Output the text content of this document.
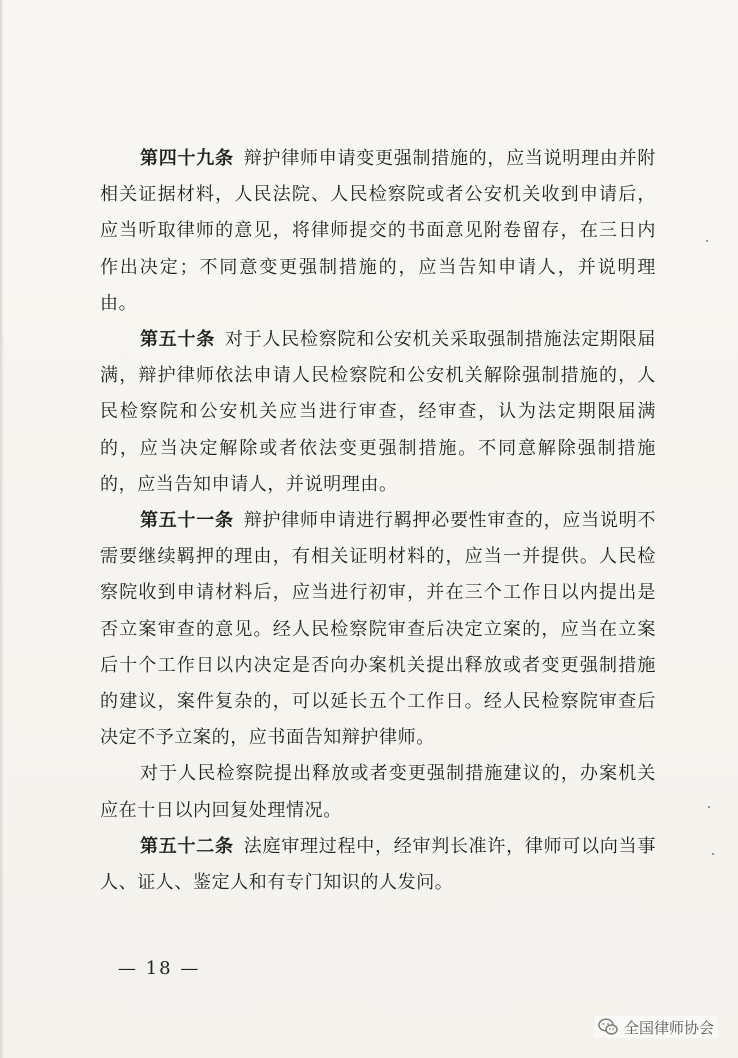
第四十九条 辩护律师申请变更强制措施的，应当说明理由并附相关证据材料，人民法院、人民检察院或者公安机关收到申请后，应当听取律师的意见，将律师提交的书面意见附卷留存，在三日内作出决定；不同意变更强制措施的，应当告知申请人，并说明理由。

第五十条 对于人民检察院和公安机关采取强制措施法定期限届满，辩护律师依法申请人民检察院和公安机关解除强制措施的，人民检察院和公安机关应当进行审查，经审查，认为法定期限届满的，应当决定解除或者依法变更强制措施。不同意解除强制措施的，应当告知申请人，并说明理由。

第五十一条 辩护律师申请进行羁押必要性审查的，应当说明不需要继续羁押的理由，有相关证明材料的，应当一并提供。人民检察院收到申请材料后，应当进行初审，并在三个工作日以内提出是否立案审查的意见。经人民检察院审查后决定立案的，应当在立案后十个工作日以内决定是否向办案机关提出释放或者变更强制措施的建议，案件复杂的，可以延长五个工作日。经人民检察院审查后决定不予立案的，应书面告知辩护律师。

对于人民检察院提出释放或者变更强制措施建议的，办案机关应在十日以内回复处理情况。

第五十二条 法庭审理过程中，经审判长准许，律师可以向当事人、证人、鉴定人和有专门知识的人发问。

— 18 —
全国律师协会
